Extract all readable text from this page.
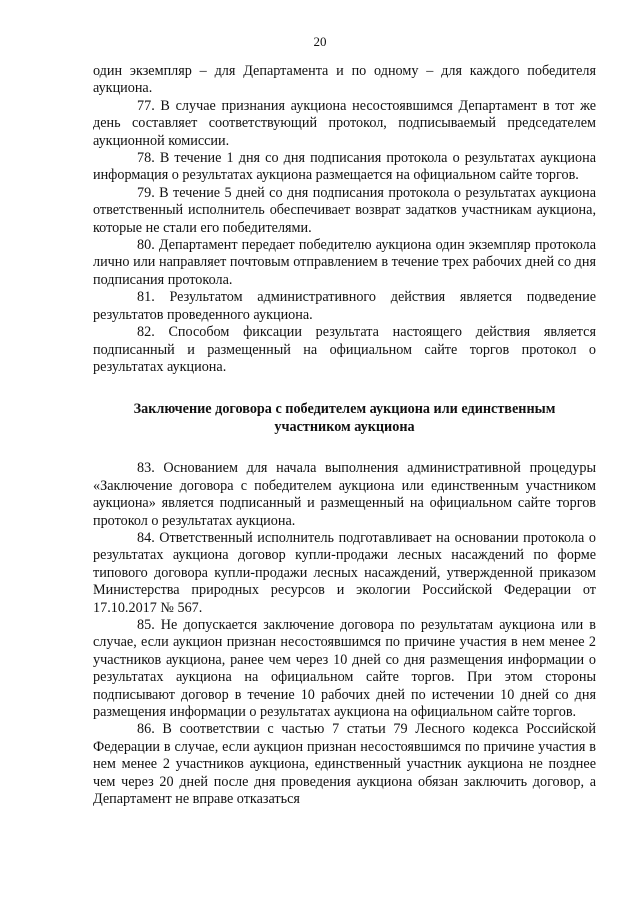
20

один экземпляр – для Департамента и по одному – для каждого победителя аукциона.

77. В случае признания аукциона несостоявшимся Департамент в тот же день составляет соответствующий протокол, подписываемый председателем аукционной комиссии.

78. В течение 1 дня со дня подписания протокола о результатах аукциона информация о результатах аукциона размещается на официальном сайте торгов.

79. В течение 5 дней со дня подписания протокола о результатах аукциона ответственный исполнитель обеспечивает возврат задатков участникам аукциона, которые не стали его победителями.

80. Департамент передает победителю аукциона один экземпляр протокола лично или направляет почтовым отправлением в течение трех рабочих дней со дня подписания протокола.

81. Результатом административного действия является подведение результатов проведенного аукциона.

82. Способом фиксации результата настоящего действия является подписанный и размещенный на официальном сайте торгов протокол о результатах аукциона.

Заключение договора с победителем аукциона или единственным
участником аукциона

83. Основанием для начала выполнения административной процедуры «Заключение договора с победителем аукциона или единственным участником аукциона» является подписанный и размещенный на официальном сайте торгов протокол о результатах аукциона.

84. Ответственный исполнитель подготавливает на основании протокола о результатах аукциона договор купли-продажи лесных насаждений по форме типового договора купли-продажи лесных насаждений, утвержденной приказом Министерства природных ресурсов и экологии Российской Федерации от 17.10.2017 № 567.

85. Не допускается заключение договора по результатам аукциона или в случае, если аукцион признан несостоявшимся по причине участия в нем менее 2 участников аукциона, ранее чем через 10 дней со дня размещения информации о результатах аукциона на официальном сайте торгов. При этом стороны подписывают договор в течение 10 рабочих дней по истечении 10 дней со дня размещения информации о результатах аукциона на официальном сайте торгов.

86. В соответствии с частью 7 статьи 79 Лесного кодекса Российской Федерации в случае, если аукцион признан несостоявшимся по причине участия в нем менее 2 участников аукциона, единственный участник аукциона не позднее чем через 20 дней после дня проведения аукциона обязан заключить договор, а Департамент не вправе отказаться
